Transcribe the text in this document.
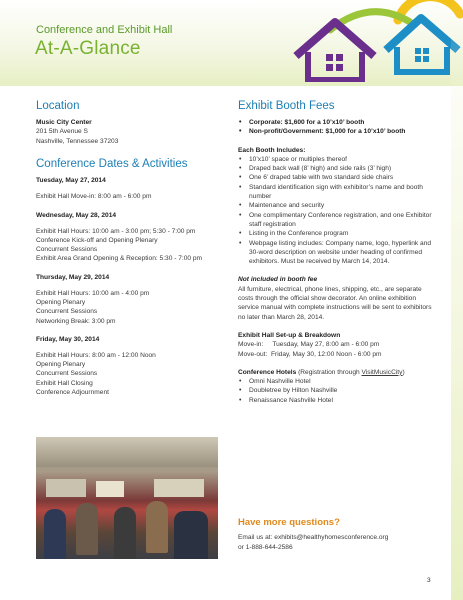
Conference and Exhibit Hall
At-A-Glance
Location

Music City Center

201 5th Avenue S

Nashville, Tennessee 37203

Conference Dates & Activities

Tuesday, May 27, 2014

Exhibit Hall Move-in: 8:00 am - 6:00 pm

Wednesday, May 28, 2014

Exhibit Hall Hours: 10:00 am - 3:00 pm; 5:30 - 7:00 pm

Conference Kick-off and Opening Plenary

Concurrent Sessions

Exhibit Area Grand Opening & Reception: 5:30 - 7:00 pm

Thursday, May 29, 2014

Exhibit Hall Hours: 10:00 am - 4:00 pm

Opening Plenary

Concurrent Sessions

Networking Break: 3:00 pm

Friday, May 30, 2014

Exhibit Hall Hours: 8:00 am - 12:00 Noon

Opening Plenary

Concurrent Sessions

Exhibit Hall Closing

Conference Adjournment

Exhibit Booth Fees
• Corporate: $1,600 for a 10’x10’ booth
• Non-profit/Government: $1,000 for a 10’x10’ booth

Each Booth Includes:

• 10’x10’ space or multiples thereof
• Draped back wall (8’ high) and side rails (3’ high)
• One 6’ draped table with two standard side chairs
• Standard identification sign with exhibitor’s name and booth number
• Maintenance and security
• One complimentary Conference registration, and one Exhibitor staff registration
• Listing in the Conference program
• Webpage listing includes: Company name, logo, hyperlink and 30-word description on website under heading of confirmed exhibitors. Must be received by March 14, 2014.

Not included in booth fee

All furniture, electrical, phone lines, shipping, etc., are separate costs through the official show decorator. An online exhibition service manual with complete instructions will be sent to exhibitors no later than March 28, 2014.

Exhibit Hall Set-up & Breakdown

Move-in:     Tuesday, May 27, 8:00 am - 6:00 pm

Move-out:  Friday, May 30, 12:00 Noon - 6:00 pm

Conference Hotels (Registration through VisitMusicCity)

• Omni Nashville Hotel
• Doubletree by Hilton Nashville
• Renaissance Nashville Hotel
Have more questions?
Email us at: exhibits@healthyhomesconference.org
or 1-888-644-2586
3
